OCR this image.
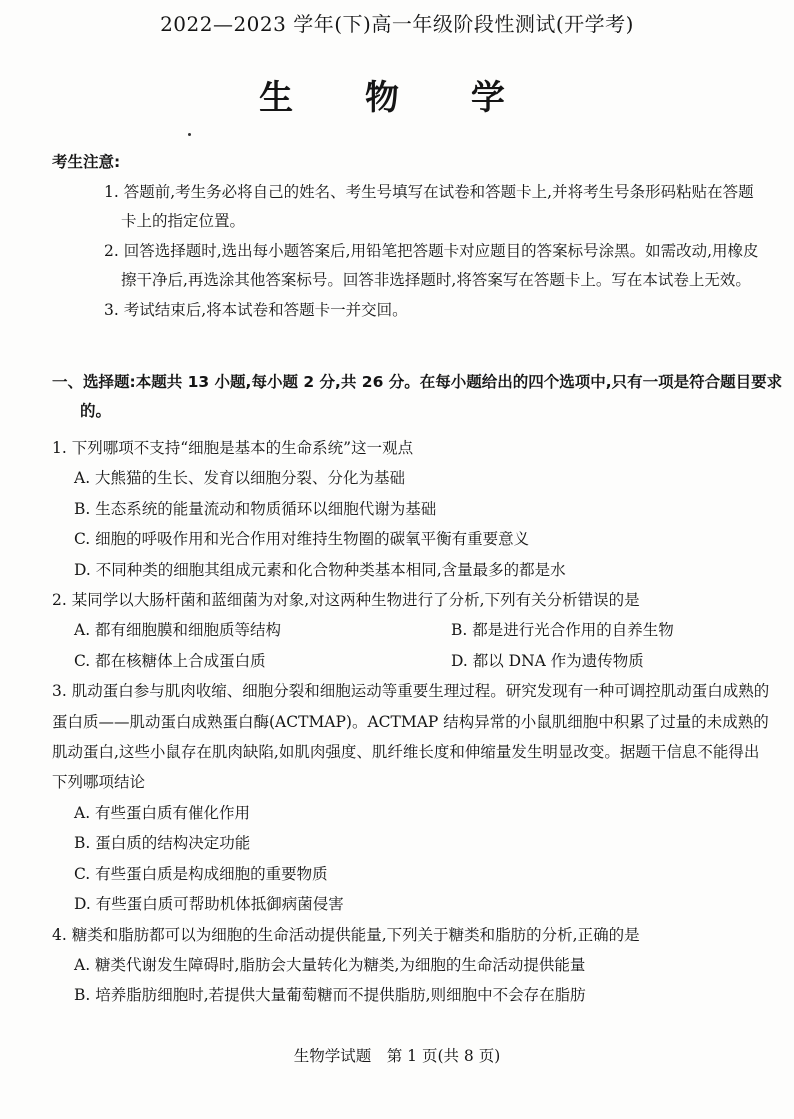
2022—2023 学年(下)高一年级阶段性测试(开学考)
生 物 学
考生注意:
1. 答题前,考生务必将自己的姓名、考生号填写在试卷和答题卡上,并将考生号条形码粘贴在答题卡上的指定位置。
2. 回答选择题时,选出每小题答案后,用铅笔把答题卡对应题目的答案标号涂黑。如需改动,用橡皮擦干净后,再选涂其他答案标号。回答非选择题时,将答案写在答题卡上。写在本试卷上无效。
3. 考试结束后,将本试卷和答题卡一并交回。
一、选择题:本题共 13 小题,每小题 2 分,共 26 分。在每小题给出的四个选项中,只有一项是符合题目要求的。
1. 下列哪项不支持“细胞是基本的生命系统”这一观点
A. 大熊猫的生长、发育以细胞分裂、分化为基础
B. 生态系统的能量流动和物质循环以细胞代谢为基础
C. 细胞的呼吸作用和光合作用对维持生物圈的碳氧平衡有重要意义
D. 不同种类的细胞其组成元素和化合物种类基本相同,含量最多的都是水
2. 某同学以大肠杆菌和蓝细菌为对象,对这两种生物进行了分析,下列有关分析错误的是
A. 都有细胞膜和细胞质等结构	B. 都是进行光合作用的自养生物
C. 都在核糖体上合成蛋白质	D. 都以 DNA 作为遗传物质
3. 肌动蛋白参与肌肉收缩、细胞分裂和细胞运动等重要生理过程。研究发现有一种可调控肌动蛋白成熟的蛋白质——肌动蛋白成熟蛋白酶(ACTMAP)。ACTMAP 结构异常的小鼠肌细胞中积累了过量的未成熟的肌动蛋白,这些小鼠存在肌肉缺陷,如肌肉强度、肌纤维长度和伸缩量发生明显改变。据题干信息不能得出下列哪项结论
A. 有些蛋白质有催化作用
B. 蛋白质的结构决定功能
C. 有些蛋白质是构成细胞的重要物质
D. 有些蛋白质可帮助机体抵御病菌侵害
4. 糖类和脂肪都可以为细胞的生命活动提供能量,下列关于糖类和脂肪的分析,正确的是
A. 糖类代谢发生障碍时,脂肪会大量转化为糖类,为细胞的生命活动提供能量
B. 培养脂肪细胞时,若提供大量葡萄糖而不提供脂肪,则细胞中不会存在脂肪
生物学试题　第 1 页(共 8 页)
